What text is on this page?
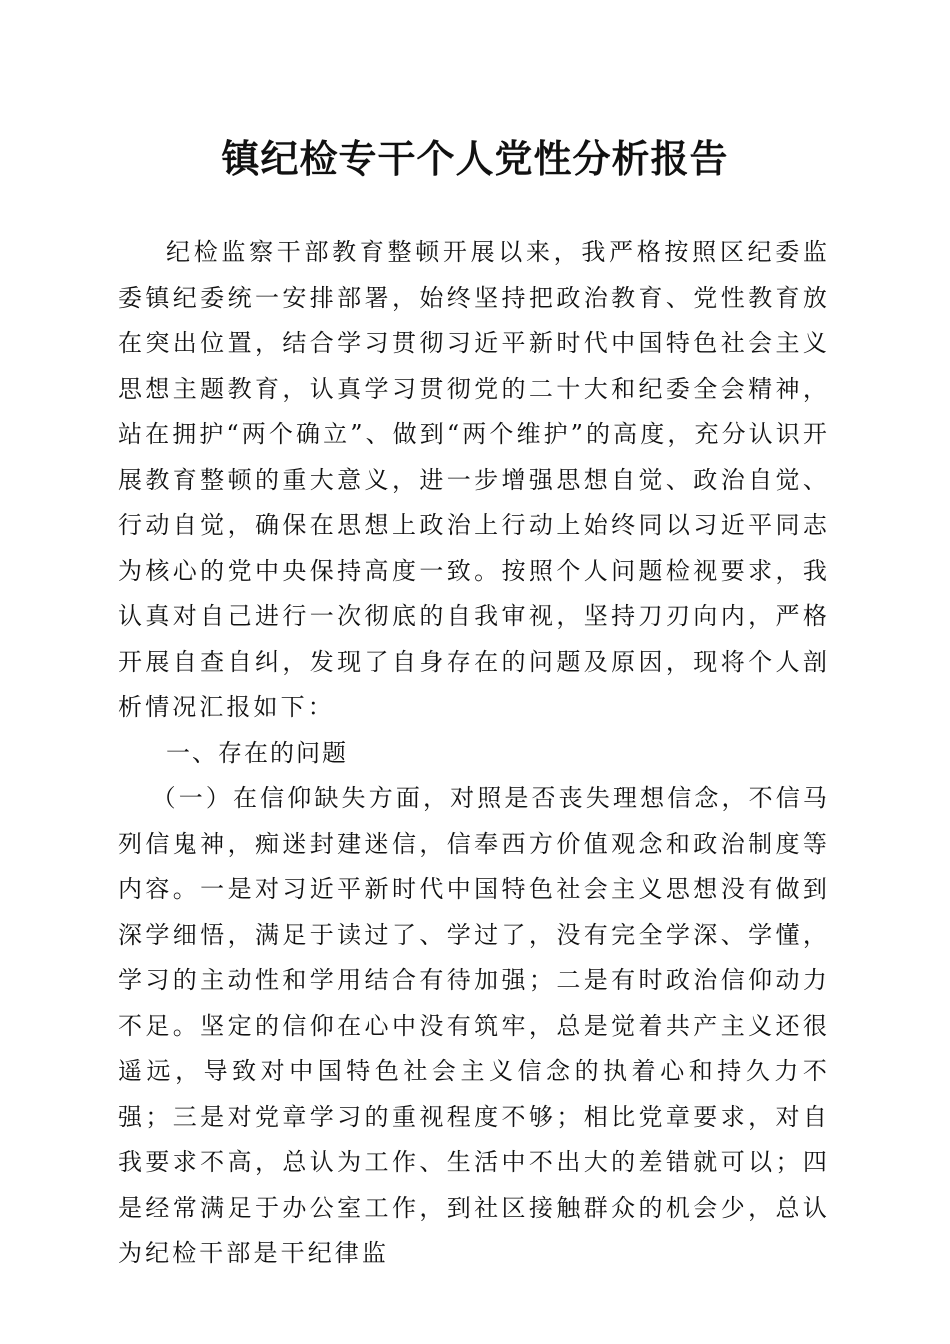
镇纪检专干个人党性分析报告

纪检监察干部教育整顿开展以来，我严格按照区纪委监委镇纪委统一安排部署，始终坚持把政治教育、党性教育放在突出位置，结合学习贯彻习近平新时代中国特色社会主义思想主题教育，认真学习贯彻党的二十大和纪委全会精神，站在拥护“两个确立”、做到“两个维护”的高度，充分认识开展教育整顿的重大意义，进一步增强思想自觉、政治自觉、行动自觉，确保在思想上政治上行动上始终同以习近平同志为核心的党中央保持高度一致。按照个人问题检视要求，我认真对自己进行一次彻底的自我审视，坚持刀刃向内，严格开展自查自纠，发现了自身存在的问题及原因，现将个人剖析情况汇报如下：

一、存在的问题

（一）在信仰缺失方面，对照是否丧失理想信念，不信马列信鬼神，痴迷封建迷信，信奉西方价值观念和政治制度等内容。一是对习近平新时代中国特色社会主义思想没有做到深学细悟，满足于读过了、学过了，没有完全学深、学懂，学习的主动性和学用结合有待加强；二是有时政治信仰动力不足。坚定的信仰在心中没有筑牢，总是觉着共产主义还很遥远，导致对中国特色社会主义信念的执着心和持久力不强；三是对党章学习的重视程度不够；相比党章要求，对自我要求不高，总认为工作、生活中不出大的差错就可以；四是经常满足于办公室工作，到社区接触群众的机会少，总认为纪检干部是干纪律监
